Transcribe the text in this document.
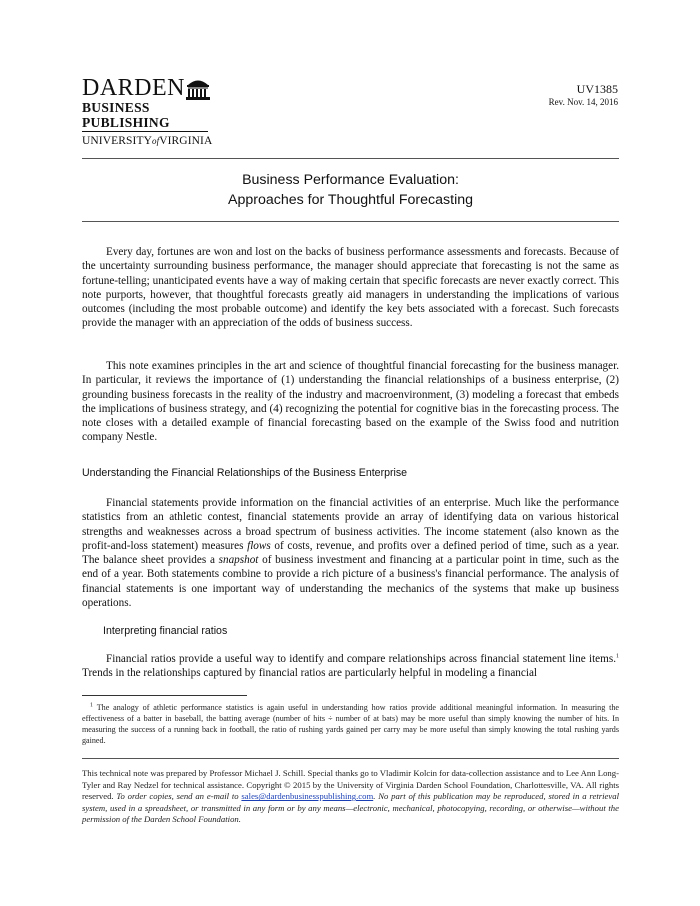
DARDEN
BUSINESS PUBLISHING
UNIVERSITYofVIRGINIA
UV1385
Rev. Nov. 14, 2016
Business Performance Evaluation:
Approaches for Thoughtful Forecasting

Every day, fortunes are won and lost on the backs of business performance assessments and forecasts. Because of the uncertainty surrounding business performance, the manager should appreciate that forecasting is not the same as fortune-telling; unanticipated events have a way of making certain that specific forecasts are never exactly correct. This note purports, however, that thoughtful forecasts greatly aid managers in understanding the implications of various outcomes (including the most probable outcome) and identify the key bets associated with a forecast. Such forecasts provide the manager with an appreciation of the odds of business success.

This note examines principles in the art and science of thoughtful financial forecasting for the business manager. In particular, it reviews the importance of (1) understanding the financial relationships of a business enterprise, (2) grounding business forecasts in the reality of the industry and macroenvironment, (3) modeling a forecast that embeds the implications of business strategy, and (4) recognizing the potential for cognitive bias in the forecasting process. The note closes with a detailed example of financial forecasting based on the example of the Swiss food and nutrition company Nestle.

Understanding the Financial Relationships of the Business Enterprise

Financial statements provide information on the financial activities of an enterprise. Much like the performance statistics from an athletic contest, financial statements provide an array of identifying data on various historical strengths and weaknesses across a broad spectrum of business activities. The income statement (also known as the profit-and-loss statement) measures flows of costs, revenue, and profits over a defined period of time, such as a year. The balance sheet provides a snapshot of business investment and financing at a particular point in time, such as the end of a year. Both statements combine to provide a rich picture of a business's financial performance. The analysis of financial statements is one important way of understanding the mechanics of the systems that make up business operations.

Interpreting financial ratios

Financial ratios provide a useful way to identify and compare relationships across financial statement line items.$^1$ Trends in the relationships captured by financial ratios are particularly helpful in modeling a financial

$^1$ The analogy of athletic performance statistics is again useful in understanding how ratios provide additional meaningful information. In measuring the effectiveness of a batter in baseball, the batting average (number of hits ÷ number of at bats) may be more useful than simply knowing the number of hits. In measuring the success of a running back in football, the ratio of rushing yards gained per carry may be more useful than simply knowing the total rushing yards gained.

This technical note was prepared by Professor Michael J. Schill. Special thanks go to Vladimir Kolcin for data-collection assistance and to Lee Ann Long-Tyler and Ray Nedzel for technical assistance. Copyright © 2015 by the University of Virginia Darden School Foundation, Charlottesville, VA. All rights reserved. To order copies, send an e-mail to sales@dardenbusinesspublishing.com. No part of this publication may be reproduced, stored in a retrieval system, used in a spreadsheet, or transmitted in any form or by any means—electronic, mechanical, photocopying, recording, or otherwise—without the permission of the Darden School Foundation.
